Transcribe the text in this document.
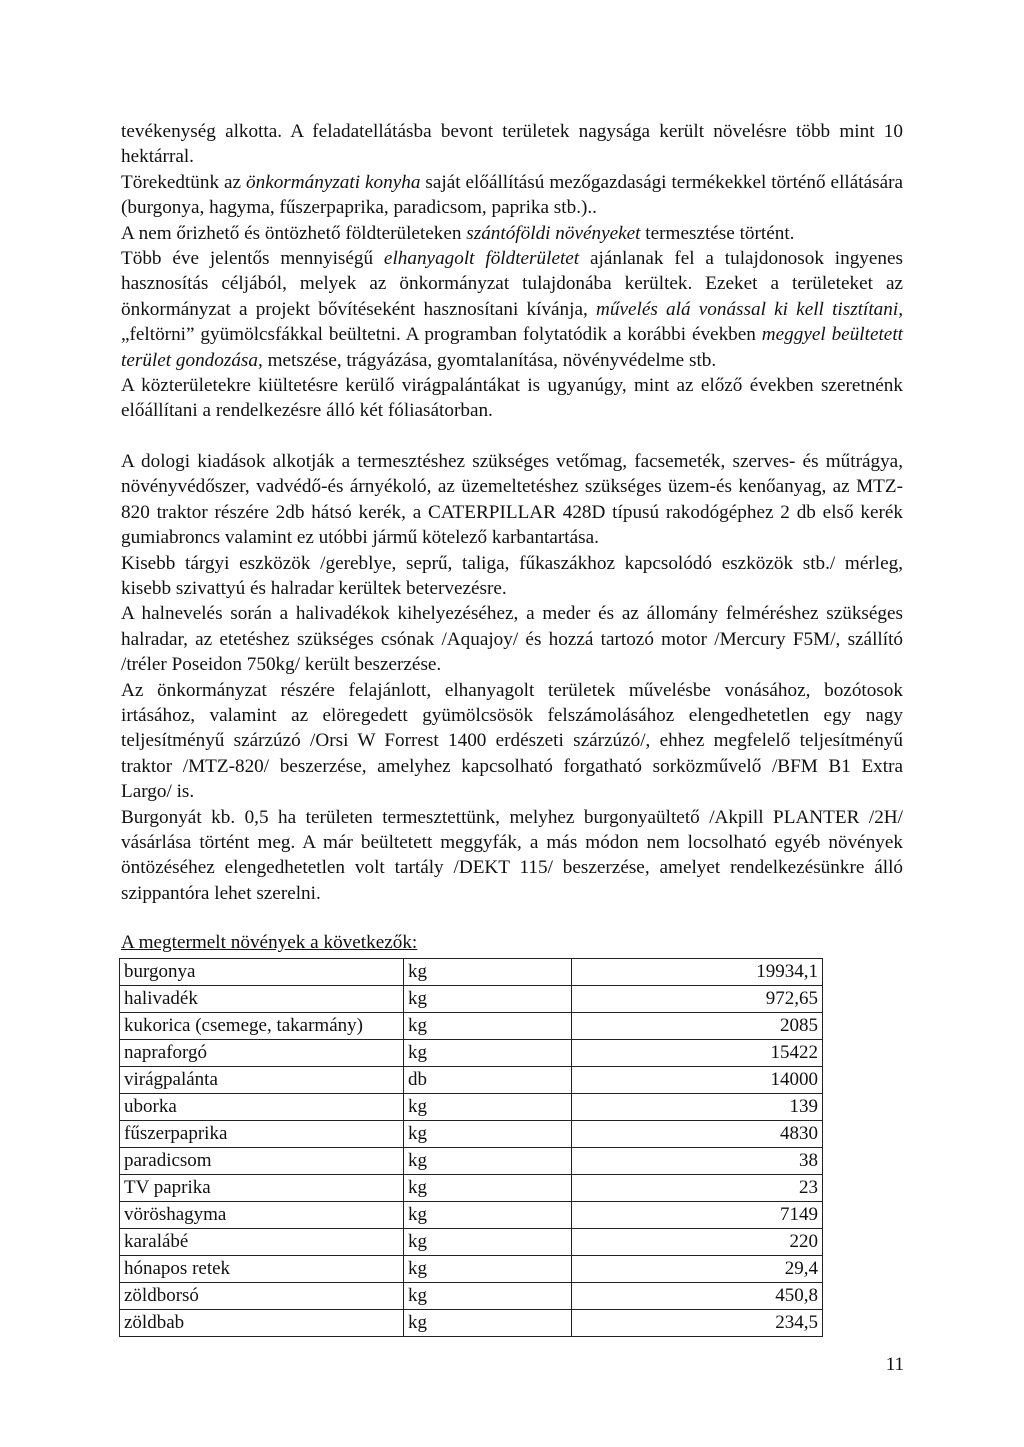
tevékenység alkotta. A feladatellátásba bevont területek nagysága került növelésre több mint 10 hektárral.

Törekedtünk az önkormányzati konyha saját előállítású mezőgazdasági termékekkel történő ellátására (burgonya, hagyma, fűszerpaprika, paradicsom, paprika stb.)..

A nem őrizhető és öntözhető földterületeken szántóföldi növényeket termesztése történt.

Több éve jelentős mennyiségű elhanyagolt földterületet ajánlanak fel a tulajdonosok ingyenes hasznosítás céljából, melyek az önkormányzat tulajdonába kerültek. Ezeket a területeket az önkormányzat a projekt bővítéseként hasznosítani kívánja, művelés alá vonással ki kell tisztítani, „feltörni” gyümölcsfákkal beültetni. A programban folytatódik a korábbi években meggyel beültetett terület gondozása, metszése, trágyázása, gyomtalanítása, növényvédelme stb.

A közterületekre kiültetésre kerülő virágpalántákat is ugyanúgy, mint az előző években szeretnénk előállítani a rendelkezésre álló két fóliasátorban.

A dologi kiadások alkotják a termesztéshez szükséges vetőmag, facsemeték, szerves- és műtrágya, növényvédőszer, vadvédő-és árnyékoló, az üzemeltetéshez szükséges üzem-és kenőanyag, az MTZ-820 traktor részére 2db hátsó kerék, a CATERPILLAR 428D típusú rakodógéphez 2 db első kerék gumiabroncs valamint ez utóbbi jármű kötelező karbantartása.

Kisebb tárgyi eszközök /gereblye, seprű, taliga, fűkaszákhoz kapcsolódó eszközök stb./ mérleg, kisebb szivattyú és halradar kerültek betervezésre.

A halnevelés során a halivadékok kihelyezéséhez, a meder és az állomány felméréshez szükséges halradar, az etetéshez szükséges csónak /Aquajoy/ és hozzá tartozó motor /Mercury F5M/, szállító /tréler Poseidon 750kg/ került beszerzése.

Az önkormányzat részére felajánlott, elhanyagolt területek művelésbe vonásához, bozótosok irtásához, valamint az elöregedett gyümölcsösök felszámolásához elengedhetetlen egy nagy teljesítményű szárzúzó /Orsi W Forrest 1400 erdészeti szárzúzó/, ehhez megfelelő teljesítményű traktor /MTZ-820/ beszerzése, amelyhez kapcsolható forgatható sorközművelő /BFM B1 Extra Largo/ is.

Burgonyát kb. 0,5 ha területen termesztettünk, melyhez burgonyaültető /Akpill PLANTER /2H/ vásárlása történt meg. A már beültetett meggyfák, a más módon nem locsolható egyéb növények öntözéséhez elengedhetetlen volt tartály /DEKT 115/ beszerzése, amelyet rendelkezésünkre álló szippantóra lehet szerelni.

A megtermelt növények a következők:

burgonya	kg	19934,1
halivadék	kg	972,65
kukorica (csemege, takarmány)	kg	2085
napraforgó	kg	15422
virágpalánta	db	14000
uborka	kg	139
fűszerpaprika	kg	4830
paradicsom	kg	38
TV paprika	kg	23
vöröshagyma	kg	7149
karalábé	kg	220
hónapos retek	kg	29,4
zöldborsó	kg	450,8
zöldbab	kg	234,5
11
